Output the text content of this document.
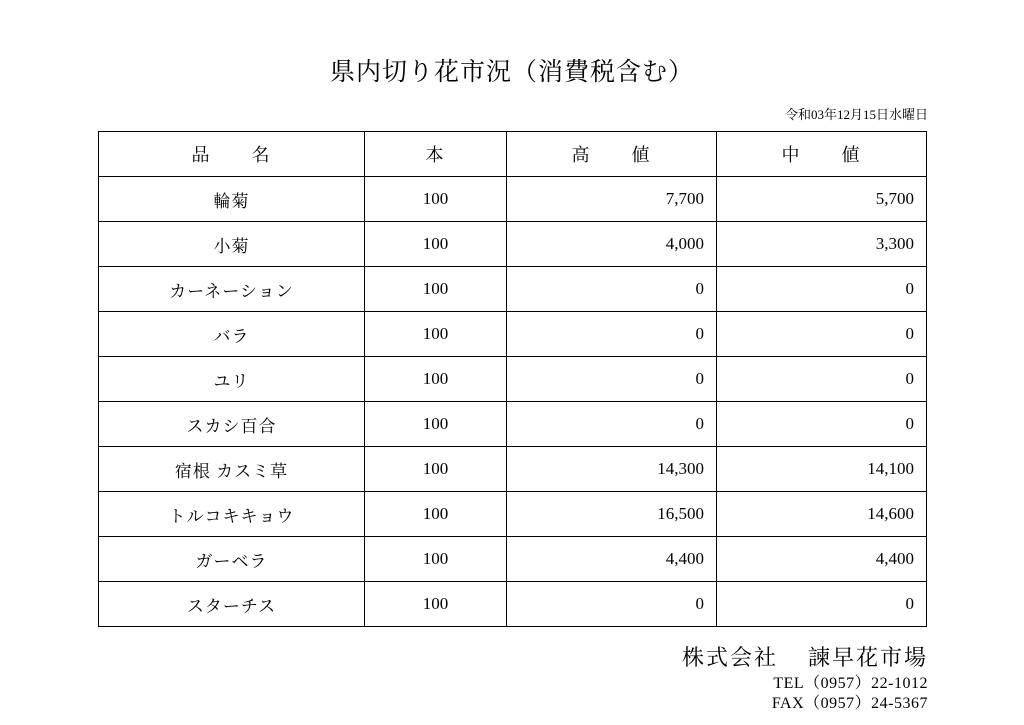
県内切り花市況（消費税含む）
令和03年12月15日水曜日
品　　名	本	高　　値	中　　値
輪菊	100	7,700	5,700
小菊	100	4,000	3,300
カーネーション	100	0	0
バラ	100	0	0
ユリ	100	0	0
スカシ百合	100	0	0
宿根 カスミ草	100	14,300	14,100
トルコキキョウ	100	16,500	14,600
ガーベラ	100	4,400	4,400
スターチス	100	0	0
株式会社 諫早花市場
TEL（0957）22-1012
FAX（0957）24-5367
